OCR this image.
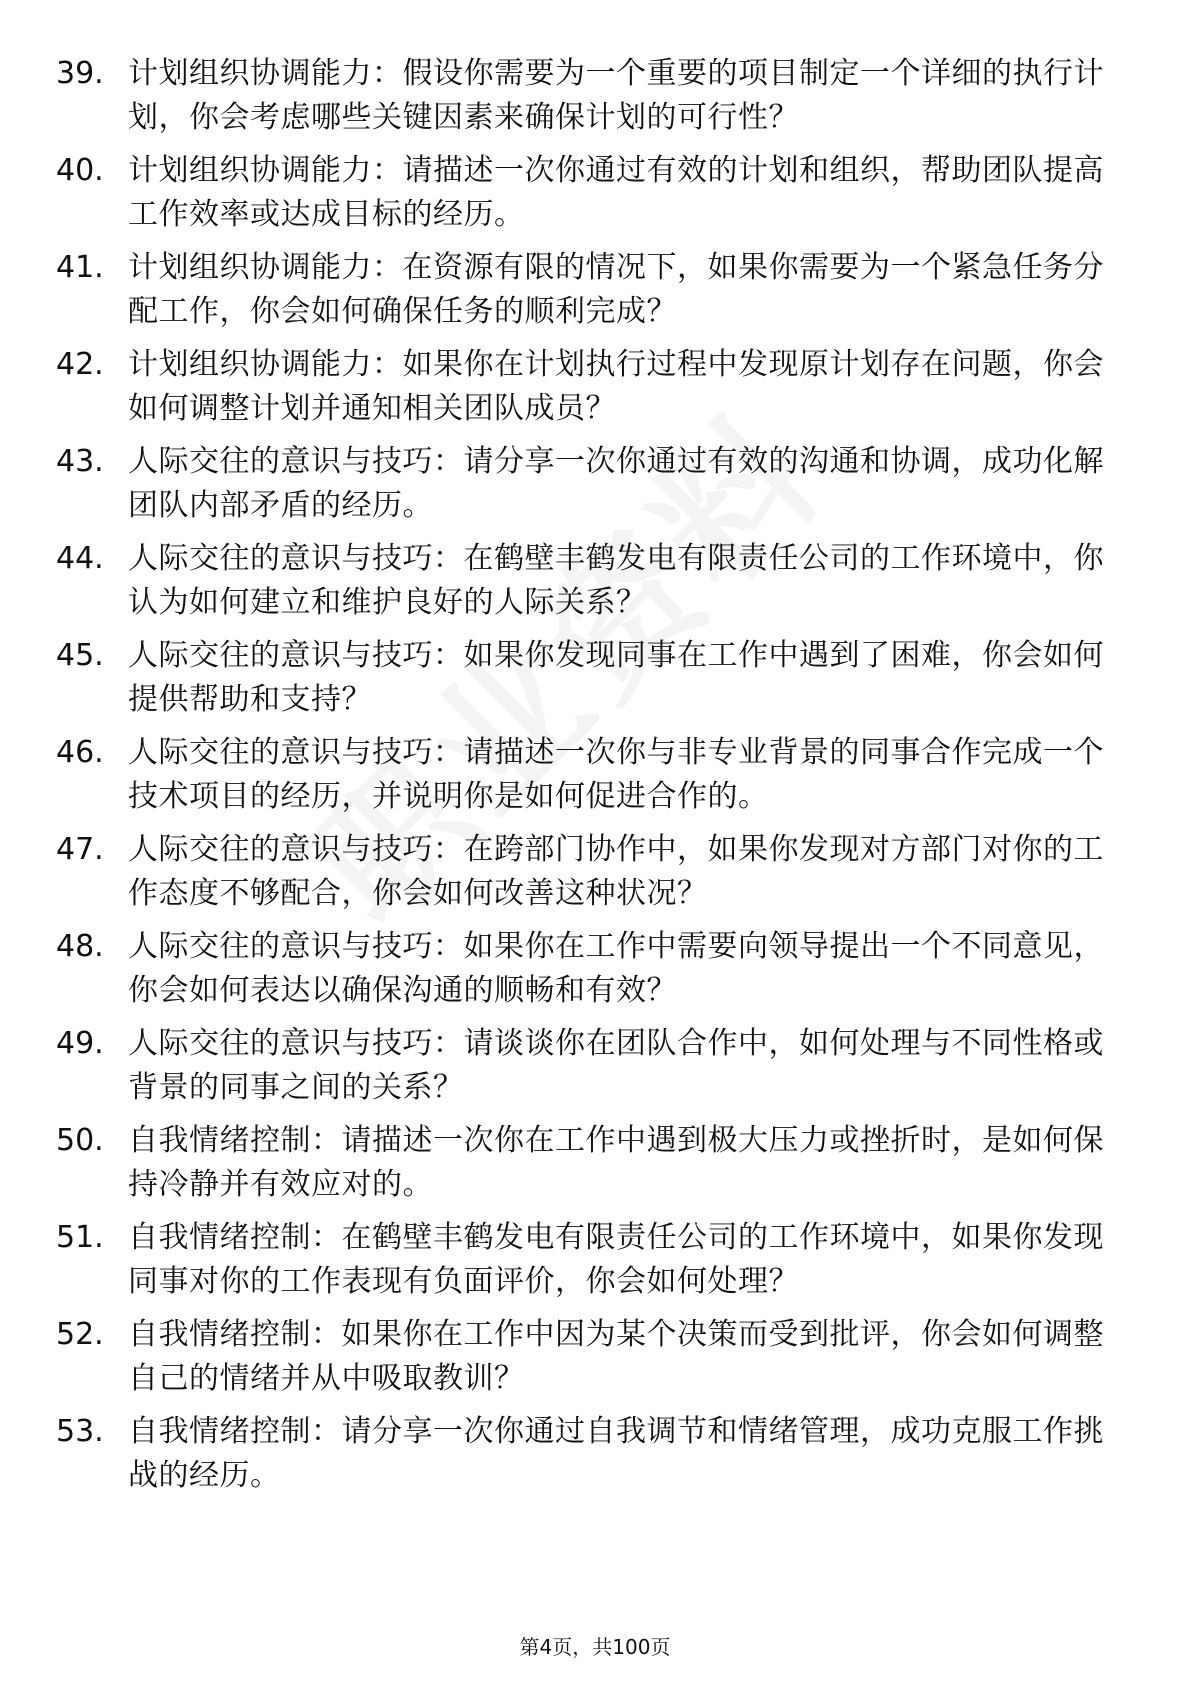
39. 计划组织协调能力：假设你需要为一个重要的项目制定一个详细的执行计划，你会考虑哪些关键因素来确保计划的可行性？
40. 计划组织协调能力：请描述一次你通过有效的计划和组织，帮助团队提高工作效率或达成目标的经历。
41. 计划组织协调能力：在资源有限的情况下，如果你需要为一个紧急任务分配工作，你会如何确保任务的顺利完成？
42. 计划组织协调能力：如果你在计划执行过程中发现原计划存在问题，你会如何调整计划并通知相关团队成员？
43. 人际交往的意识与技巧：请分享一次你通过有效的沟通和协调，成功化解团队内部矛盾的经历。
44. 人际交往的意识与技巧：在鹤壁丰鹤发电有限责任公司的工作环境中，你认为如何建立和维护良好的人际关系？
45. 人际交往的意识与技巧：如果你发现同事在工作中遇到了困难，你会如何提供帮助和支持？
46. 人际交往的意识与技巧：请描述一次你与非专业背景的同事合作完成一个技术项目的经历，并说明你是如何促进合作的。
47. 人际交往的意识与技巧：在跨部门协作中，如果你发现对方部门对你的工作态度不够配合，你会如何改善这种状况？
48. 人际交往的意识与技巧：如果你在工作中需要向领导提出一个不同意见，你会如何表达以确保沟通的顺畅和有效？
49. 人际交往的意识与技巧：请谈谈你在团队合作中，如何处理与不同性格或背景的同事之间的关系？
50. 自我情绪控制：请描述一次你在工作中遇到极大压力或挫折时，是如何保持冷静并有效应对的。
51. 自我情绪控制：在鹤壁丰鹤发电有限责任公司的工作环境中，如果你发现同事对你的工作表现有负面评价，你会如何处理？
52. 自我情绪控制：如果你在工作中因为某个决策而受到批评，你会如何调整自己的情绪并从中吸取教训？
53. 自我情绪控制：请分享一次你通过自我调节和情绪管理，成功克服工作挑战的经历。
第4页，共100页
